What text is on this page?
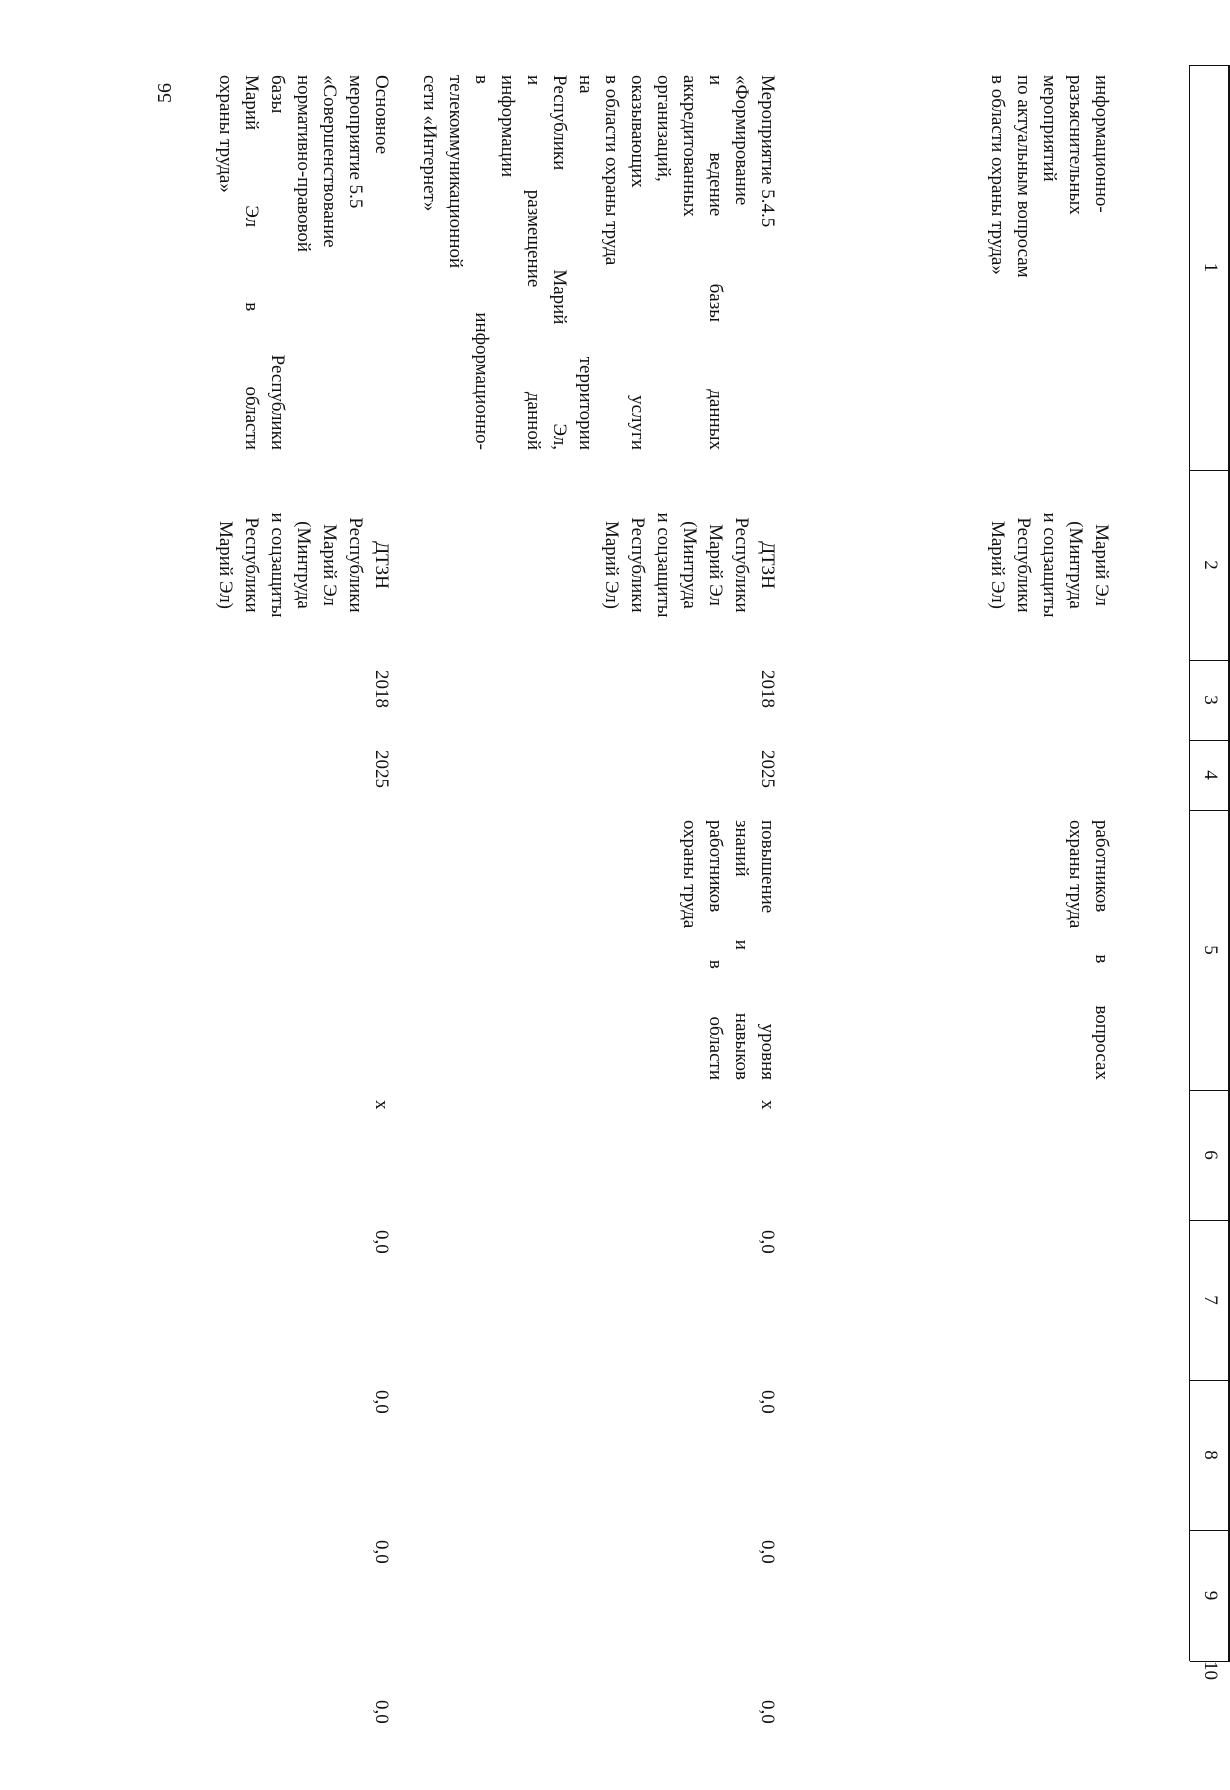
56
1
2
3
4
5
6
7
8
9
10
информационно-
разъяснительных
мероприятий
по актуальным вопросам
в области охраны труда»
Марий Эл
(Минтруда
и соцзащиты
Республики
Марий Эл)
работников
в
вопросах
охраны труда
Мероприятие 5.4.5
«Формирование
и
ведение
базы
данных
аккредитованных
организаций,
оказывающих
услуги
в области охраны труда
на
территории
Республики
Марий
Эл,
и
размещение
данной
информации
в
информационно-
телекоммуникационной
сети «Интернет»
ДТЗН
Республики
Марий Эл
(Минтруда
и соцзащиты
Республики
Марий Эл)
2018
2025
повышение
уровня
знаний
и
навыков
работников
в
области
охраны труда
x
0,0
0,0
0,0
0,0
Основное
мероприятие 5.5
«Совершенствование
нормативно-правовой
базы
Республики
Марий
Эл
в
области
охраны труда»
ДТЗН
Республики
Марий Эл
(Минтруда
и соцзащиты
Республики
Марий Эл)
2018
2025
x
0,0
0,0
0,0
0,0
